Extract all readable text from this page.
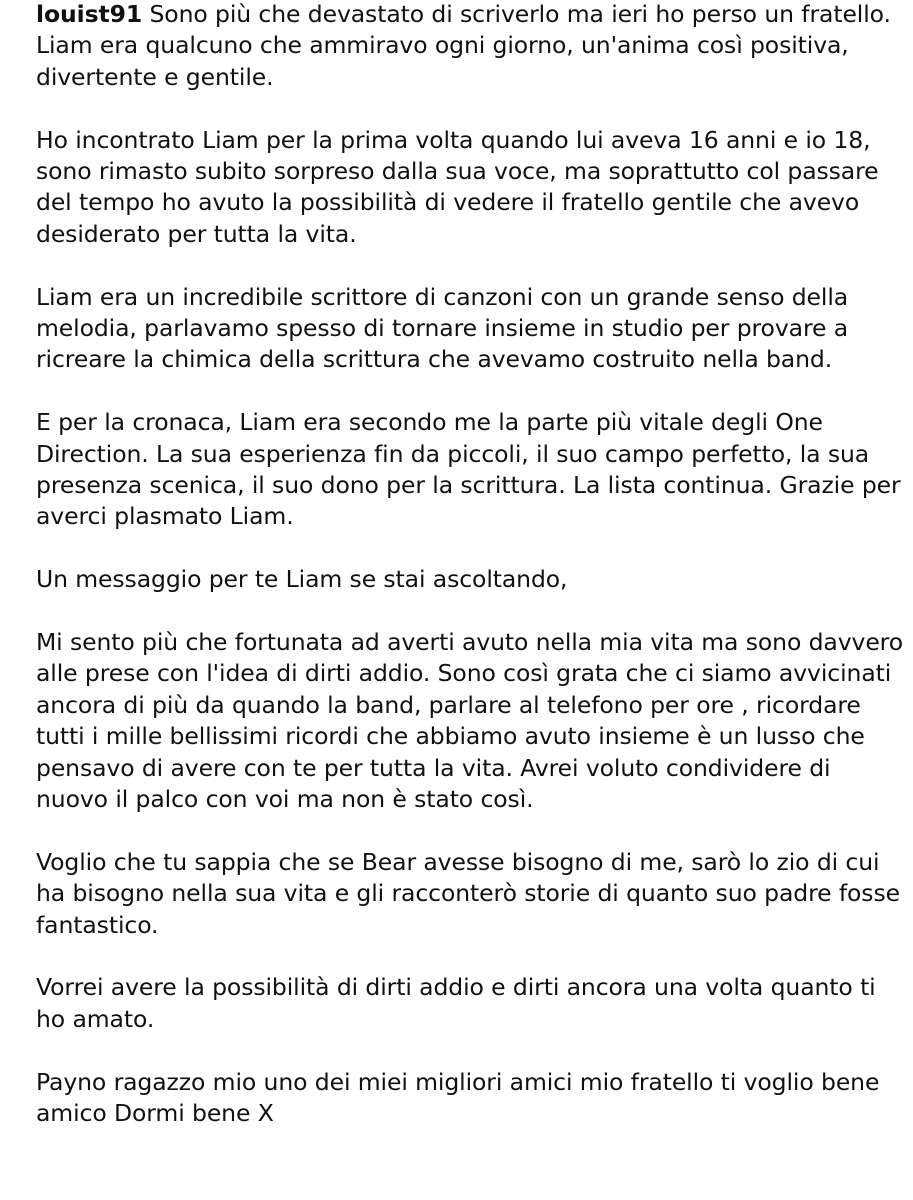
louist91 Sono più che devastato di scriverlo ma ieri ho perso un fratello. Liam era qualcuno che ammiravo ogni giorno, un'anima così positiva, divertente e gentile.

Ho incontrato Liam per la prima volta quando lui aveva 16 anni e io 18, sono rimasto subito sorpreso dalla sua voce, ma soprattutto col passare del tempo ho avuto la possibilità di vedere il fratello gentile che avevo desiderato per tutta la vita.

Liam era un incredibile scrittore di canzoni con un grande senso della melodia, parlavamo spesso di tornare insieme in studio per provare a ricreare la chimica della scrittura che avevamo costruito nella band.

E per la cronaca, Liam era secondo me la parte più vitale degli One Direction. La sua esperienza fin da piccoli, il suo campo perfetto, la sua presenza scenica, il suo dono per la scrittura. La lista continua. Grazie per averci plasmato Liam.

Un messaggio per te Liam se stai ascoltando,

Mi sento più che fortunata ad averti avuto nella mia vita ma sono davvero alle prese con l'idea di dirti addio. Sono così grata che ci siamo avvicinati ancora di più da quando la band, parlare al telefono per ore , ricordare tutti i mille bellissimi ricordi che abbiamo avuto insieme è un lusso che pensavo di avere con te per tutta la vita. Avrei voluto condividere di nuovo il palco con voi ma non è stato così.

Voglio che tu sappia che se Bear avesse bisogno di me, sarò lo zio di cui ha bisogno nella sua vita e gli racconterò storie di quanto suo padre fosse fantastico.

Vorrei avere la possibilità di dirti addio e dirti ancora una volta quanto ti ho amato.

Payno ragazzo mio uno dei miei migliori amici mio fratello ti voglio bene amico Dormi bene X
